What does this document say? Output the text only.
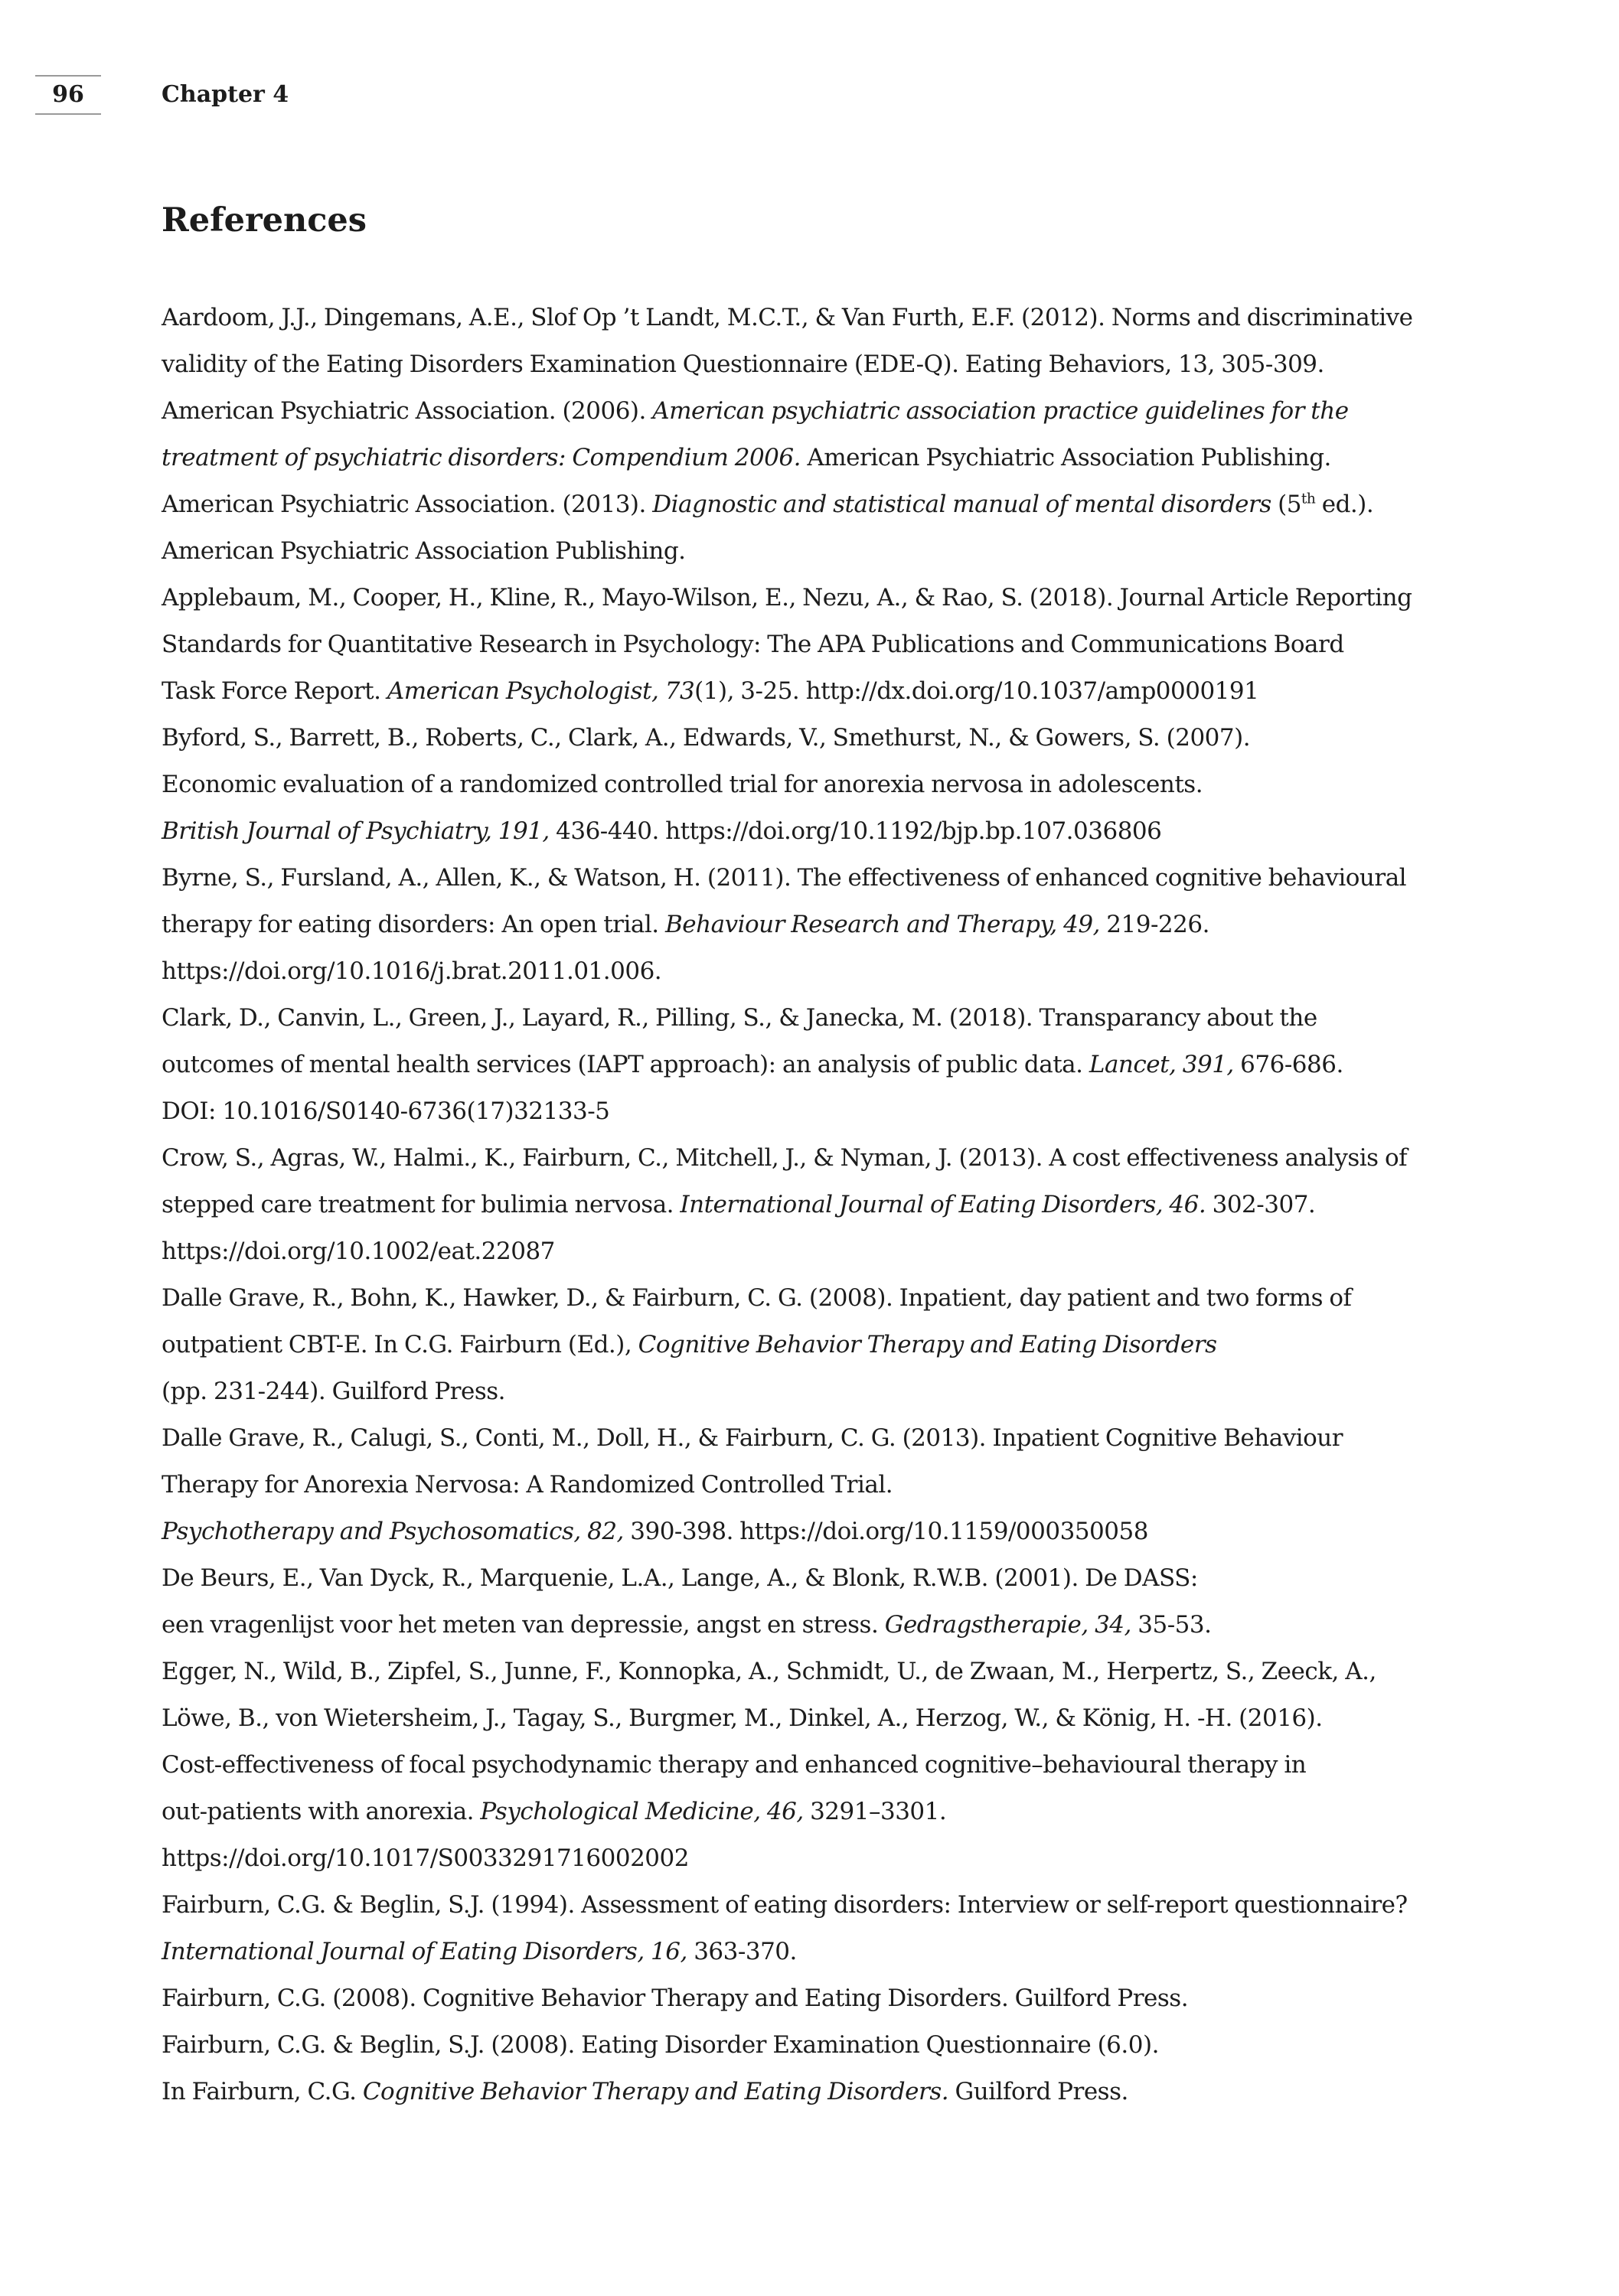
96	Chapter 4
References
Aardoom, J.J., Dingemans, A.E., Slof Op ’t Landt, M.C.T., & Van Furth, E.F. (2012). Norms and discriminative
validity of the Eating Disorders Examination Questionnaire (EDE-Q). Eating Behaviors, 13, 305-309.
American Psychiatric Association. (2006). American psychiatric association practice guidelines for the
treatment of psychiatric disorders: Compendium 2006. American Psychiatric Association Publishing.
American Psychiatric Association. (2013). Diagnostic and statistical manual of mental disorders (5th ed.).
American Psychiatric Association Publishing.
Applebaum, M., Cooper, H., Kline, R., Mayo-Wilson, E., Nezu, A., & Rao, S. (2018). Journal Article Reporting
Standards for Quantitative Research in Psychology: The APA Publications and Communications Board
Task Force Report. American Psychologist, 73(1), 3-25. http://dx.doi.org/10.1037/amp0000191
Byford, S., Barrett, B., Roberts, C., Clark, A., Edwards, V., Smethurst, N., & Gowers, S. (2007).
Economic evaluation of a randomized controlled trial for anorexia nervosa in adolescents.
British Journal of Psychiatry, 191, 436-440. https://doi.org/10.1192/bjp.bp.107.036806
Byrne, S., Fursland, A., Allen, K., & Watson, H. (2011). The effectiveness of enhanced cognitive behavioural
therapy for eating disorders: An open trial. Behaviour Research and Therapy, 49, 219-226.
https://doi.org/10.1016/j.brat.2011.01.006.
Clark, D., Canvin, L., Green, J., Layard, R., Pilling, S., & Janecka, M. (2018). Transparancy about the
outcomes of mental health services (IAPT approach): an analysis of public data. Lancet, 391, 676-686.
DOI: 10.1016/S0140-6736(17)32133-5
Crow, S., Agras, W., Halmi., K., Fairburn, C., Mitchell, J., & Nyman, J. (2013). A cost effectiveness analysis of
stepped care treatment for bulimia nervosa. International Journal of Eating Disorders, 46. 302-307.
https://doi.org/10.1002/eat.22087
Dalle Grave, R., Bohn, K., Hawker, D., & Fairburn, C. G. (2008). Inpatient, day patient and two forms of
outpatient CBT-E. In C.G. Fairburn (Ed.), Cognitive Behavior Therapy and Eating Disorders
(pp. 231-244). Guilford Press.
Dalle Grave, R., Calugi, S., Conti, M., Doll, H., & Fairburn, C. G. (2013). Inpatient Cognitive Behaviour
Therapy for Anorexia Nervosa: A Randomized Controlled Trial.
Psychotherapy and Psychosomatics, 82, 390-398. https://doi.org/10.1159/000350058
De Beurs, E., Van Dyck, R., Marquenie, L.A., Lange, A., & Blonk, R.W.B. (2001). De DASS:
een vragenlijst voor het meten van depressie, angst en stress. Gedragstherapie, 34, 35-53.
Egger, N., Wild, B., Zipfel, S., Junne, F., Konnopka, A., Schmidt, U., de Zwaan, M., Herpertz, S., Zeeck, A.,
Löwe, B., von Wietersheim, J., Tagay, S., Burgmer, M., Dinkel, A., Herzog, W., & König, H. -H. (2016).
Cost-effectiveness of focal psychodynamic therapy and enhanced cognitive–behavioural therapy in
out-patients with anorexia. Psychological Medicine, 46, 3291–3301.
https://doi.org/10.1017/S0033291716002002
Fairburn, C.G. & Beglin, S.J. (1994). Assessment of eating disorders: Interview or self-report questionnaire?
International Journal of Eating Disorders, 16, 363-370.
Fairburn, C.G. (2008). Cognitive Behavior Therapy and Eating Disorders. Guilford Press.
Fairburn, C.G. & Beglin, S.J. (2008). Eating Disorder Examination Questionnaire (6.0).
In Fairburn, C.G. Cognitive Behavior Therapy and Eating Disorders. Guilford Press.
